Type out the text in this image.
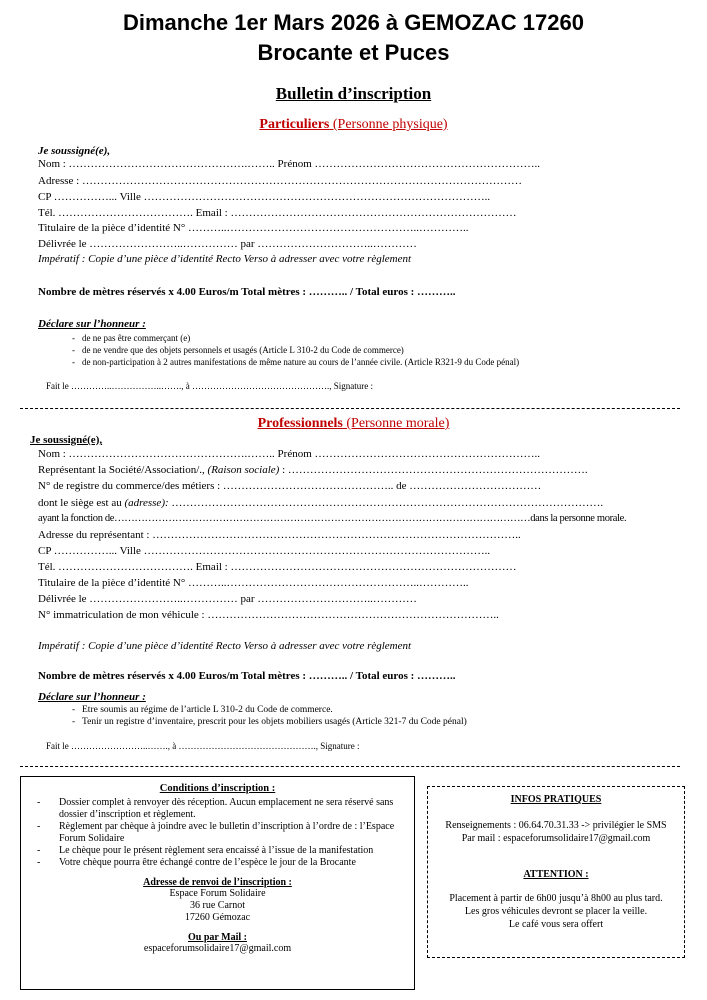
Dimanche 1er Mars 2026 à GEMOZAC 17260
Brocante et Puces
Bulletin d’inscription
Particuliers (Personne physique)
Je soussigné(e),
Nom : ………………………………………….…….. Prénom ……………………………………………………..
Adresse : …………………………………………………………………………………………………………
CP ……………... Ville …………………………………………………………………………………..
Tél. ………………………………. Email : ……………………………………………………………………
Titulaire de la pièce d’identité N° ………..……………………………………………..…………..
Délivrée le ……………………..…………… par …………………………..…………
Impératif : Copie d’une pièce d’identité Recto Verso à adresser avec votre règlement
Nombre de mètres réservés x 4.00 Euros/m Total mètres : ……….. / Total euros : ………..
Déclare sur l’honneur :
- de ne pas être commerçant (e)
- de ne vendre que des objets personnels et usagés (Article L 310-2 du Code de commerce)
- de non-participation à 2 autres manifestations de même nature au cours de l’année civile. (Article R321-9 du Code pénal)
Fait le …………..……………..……., à ………………………………………., Signature :
Professionnels (Personne morale)
Je soussigné(e),
Nom : ………………………………………….…….. Prénom ……………………………………………………..
Représentant la Société/Association/., (Raison sociale) : ……………………………………………………………………….
N° de registre du commerce/des métiers : ……………………………………….. de ………………………………
dont le siège est au (adresse): ……………………………………………………………………………………………………….
ayant la fonction de……………………………………………………………………………………………………………dans la personne morale.
Adresse du représentant : ………………………………………………………………………………………..
CP ……………... Ville …………………………………………………………………………………..
Tél. ………………………………. Email : ……………………………………………………………………
Titulaire de la pièce d’identité N° ………..……………………………………………..…………..
Délivrée le ……………………..…………… par …………………………..…………
N° immatriculation de mon véhicule : ……………………………………………………………………..
Impératif : Copie d’une pièce d’identité Recto Verso à adresser avec votre règlement
Nombre de mètres réservés x 4.00 Euros/m Total mètres : ……….. / Total euros : ………..
Déclare sur l’honneur :
- Etre soumis au régime de l’article L 310-2 du Code de commerce.
- Tenir un registre d’inventaire, prescrit pour les objets mobiliers usagés (Article 321-7 du Code pénal)
Fait le ……………………..……., à ………………………………………., Signature :
Conditions d’inscription :
- Dossier complet à renvoyer dès réception. Aucun emplacement ne sera réservé sans dossier d’inscription et règlement.
- Règlement par chèque à joindre avec le bulletin d’inscription à l’ordre de : l’Espace Forum Solidaire
- Le chèque pour le présent règlement sera encaissé à l’issue de la manifestation
- Votre chèque pourra être échangé contre de l’espèce le jour de la Brocante
Adresse de renvoi de l’inscription :
Espace Forum Solidaire
36 rue Carnot
17260 Gémozac
Ou par Mail :
espaceforumsolidaire17@gmail.com
INFOS PRATIQUES
Renseignements : 06.64.70.31.33 -> privilégier le SMS
Par mail : espaceforumsolidaire17@gmail.com
ATTENTION :
Placement à partir de 6h00 jusqu’à 8h00 au plus tard.
Les gros véhicules devront se placer la veille.
Le café vous sera offert
